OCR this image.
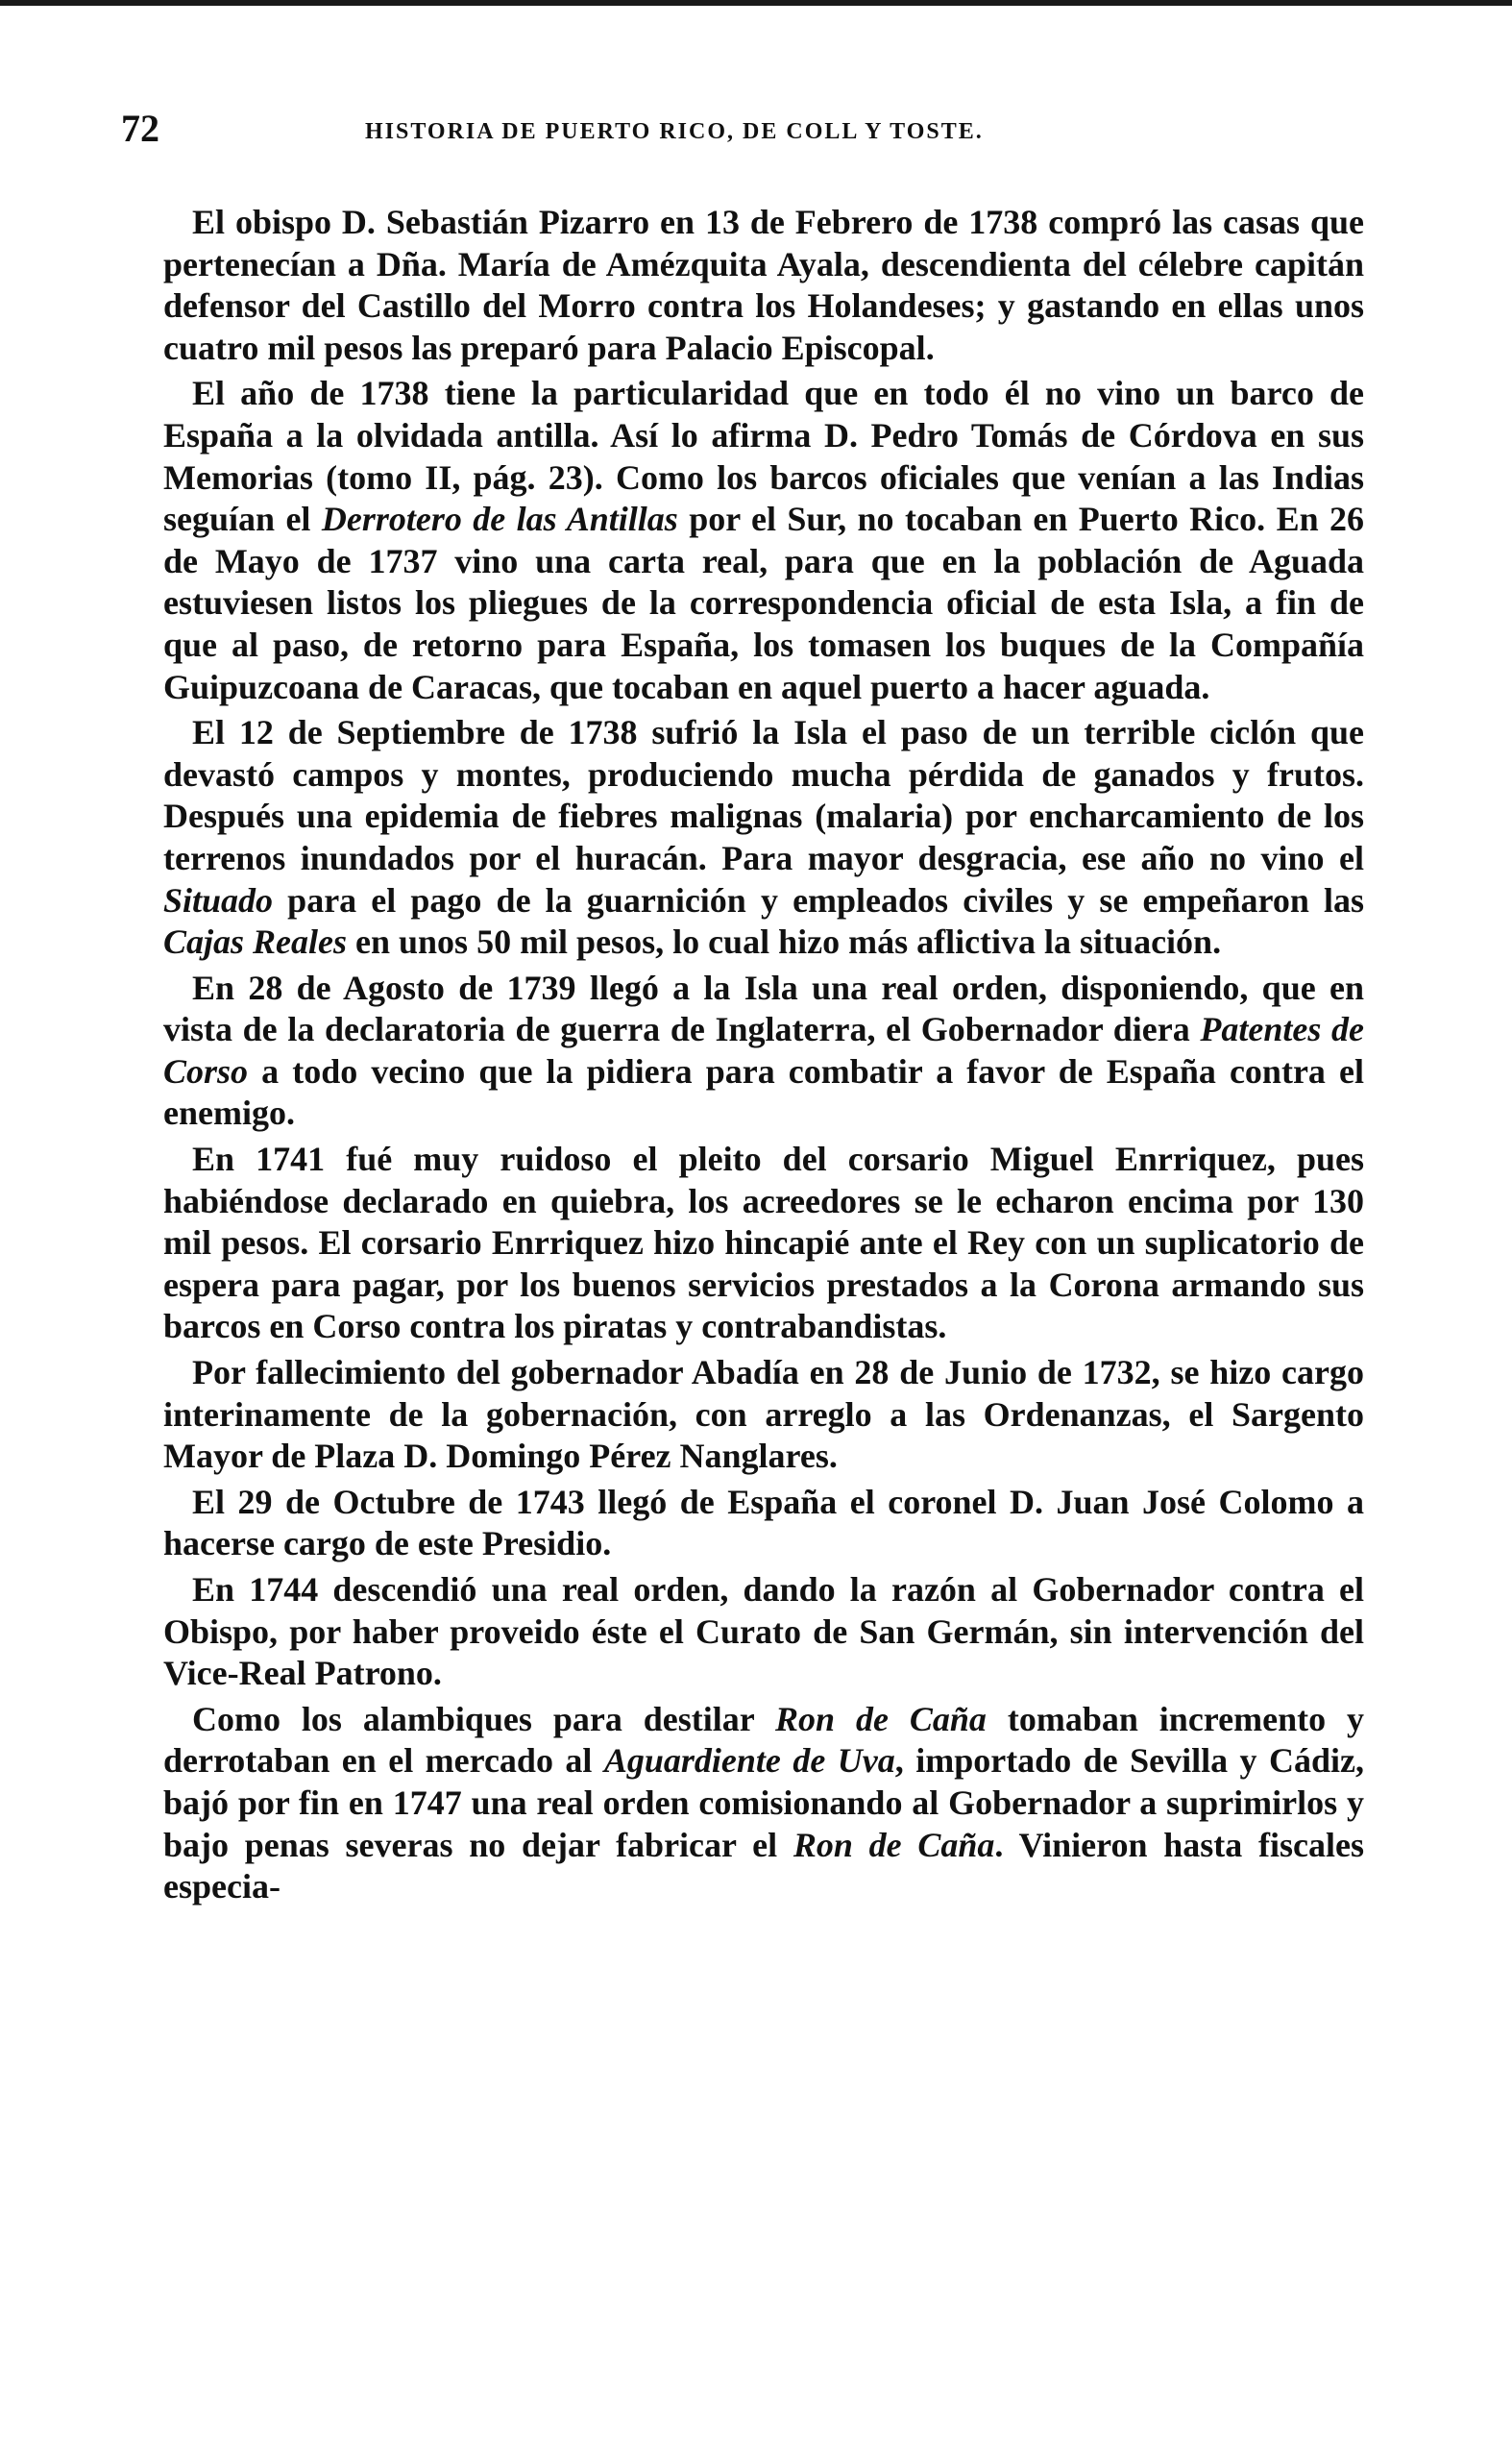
72	HISTORIA DE PUERTO RICO, DE COLL Y TOSTE.

El obispo D. Sebastián Pizarro en 13 de Febrero de 1738 compró las casas que pertenecían a Dña. María de Amézquita Ayala, descendienta del célebre capitán defensor del Castillo del Morro contra los Holandeses; y gastando en ellas unos cuatro mil pesos las preparó para Palacio Episcopal.

El año de 1738 tiene la particularidad que en todo él no vino un barco de España a la olvidada antilla. Así lo afirma D. Pedro Tomás de Córdova en sus Memorias (tomo II, pág. 23). Como los barcos oficiales que venían a las Indias seguían el Derrotero de las Antillas por el Sur, no tocaban en Puerto Rico. En 26 de Mayo de 1737 vino una carta real, para que en la población de Aguada estuviesen listos los pliegues de la correspondencia oficial de esta Isla, a fin de que al paso, de retorno para España, los tomasen los buques de la Compañía Guipuzcoana de Caracas, que tocaban en aquel puerto a hacer aguada.

El 12 de Septiembre de 1738 sufrió la Isla el paso de un terrible ciclón que devastó campos y montes, produciendo mucha pérdida de ganados y frutos. Después una epidemia de fiebres malignas (malaria) por encharcamiento de los terrenos inundados por el huracán. Para mayor desgracia, ese año no vino el Situado para el pago de la guarnición y empleados civiles y se empeñaron las Cajas Reales en unos 50 mil pesos, lo cual hizo más aflictiva la situación.

En 28 de Agosto de 1739 llegó a la Isla una real orden, disponiendo, que en vista de la declaratoria de guerra de Inglaterra, el Gobernador diera Patentes de Corso a todo vecino que la pidiera para combatir a favor de España contra el enemigo.

En 1741 fué muy ruidoso el pleito del corsario Miguel Enrriquez, pues habiéndose declarado en quiebra, los acreedores se le echaron encima por 130 mil pesos. El corsario Enrriquez hizo hincapié ante el Rey con un suplicatorio de espera para pagar, por los buenos servicios prestados a la Corona armando sus barcos en Corso contra los piratas y contrabandistas.

Por fallecimiento del gobernador Abadía en 28 de Junio de 1732, se hizo cargo interinamente de la gobernación, con arreglo a las Ordenanzas, el Sargento Mayor de Plaza D. Domingo Pérez Nanglares.

El 29 de Octubre de 1743 llegó de España el coronel D. Juan José Colomo a hacerse cargo de este Presidio.

En 1744 descendió una real orden, dando la razón al Gobernador contra el Obispo, por haber proveido éste el Curato de San Germán, sin intervención del Vice-Real Patrono.

Como los alambiques para destilar Ron de Caña tomaban incremento y derrotaban en el mercado al Aguardiente de Uva, importado de Sevilla y Cádiz, bajó por fin en 1747 una real orden comisionando al Gobernador a suprimirlos y bajo penas severas no dejar fabricar el Ron de Caña. Vinieron hasta fiscales especia-
